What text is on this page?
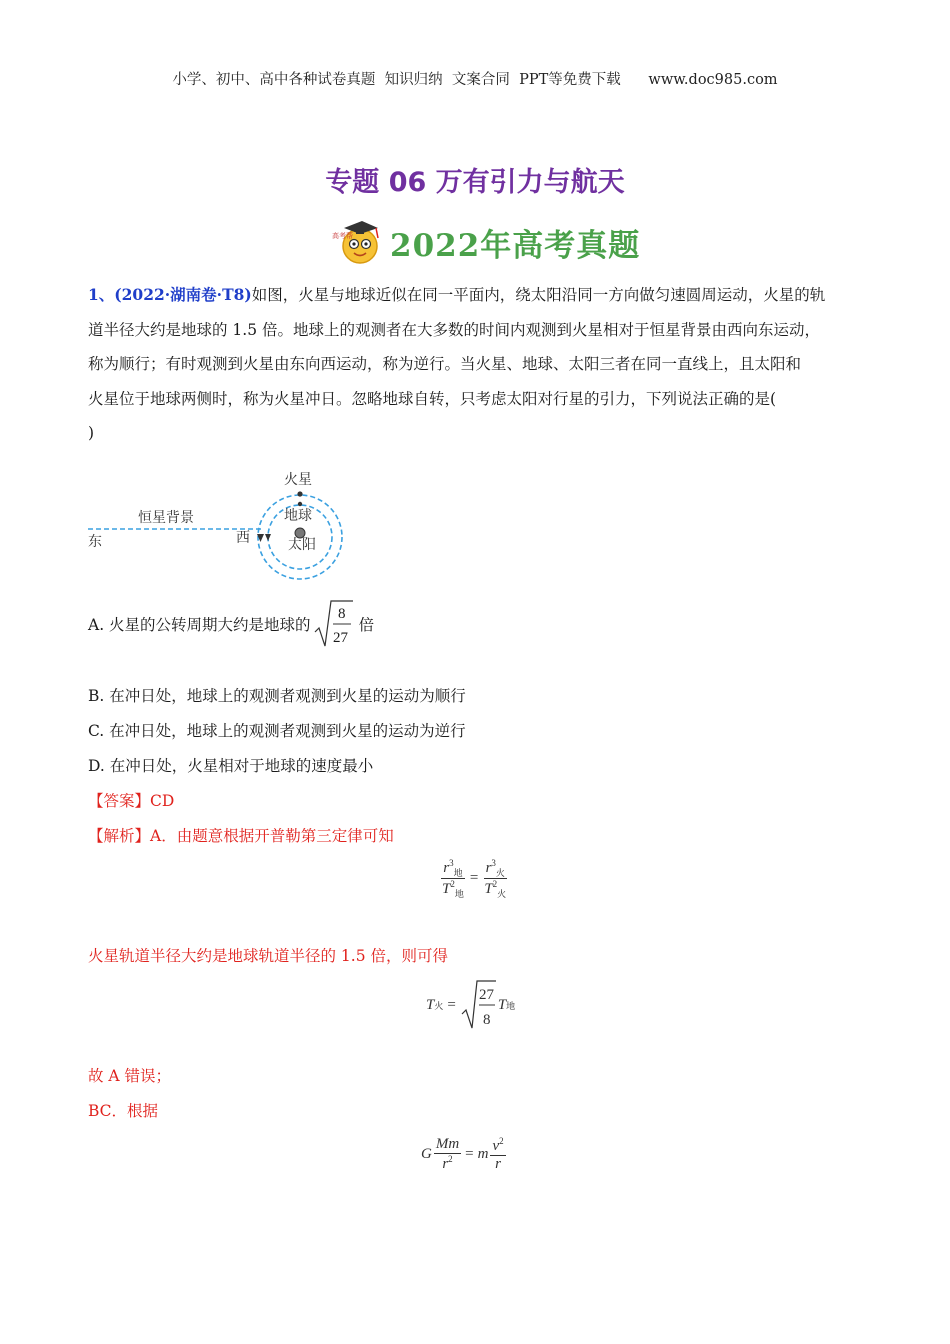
小学、初中、高中各种试卷真题  知识归纳  文案合同  PPT等免费下载      www.doc985.com
专题 06 万有引力与航天
高考帮 2022年高考真题
1、(2022·湖南卷·T8)如图，火星与地球近似在同一平面内，绕太阳沿同一方向做匀速圆周运动，火星的轨
道半径大约是地球的 1.5 倍。地球上的观测者在大多数的时间内观测到火星相对于恒星背景由西向东运动，
称为顺行；有时观测到火星由东向西运动，称为逆行。当火星、地球、太阳三者在同一直线上，且太阳和
火星位于地球两侧时，称为火星冲日。忽略地球自转，只考虑太阳对行星的引力，下列说法正确的是(
)
火星
地球
太阳
恒星背景
东	西
A. 火星的公转周期大约是地球的
8
27
倍
B. 在冲日处，地球上的观测者观测到火星的运动为顺行
C. 在冲日处，地球上的观测者观测到火星的运动为逆行
D. 在冲日处，火星相对于地球的速度最小
【答案】CD
【解析】A．由题意根据开普勒第三定律可知
$\frac{r^3_地}{T^2_地} = \frac{r^3_火}{T^2_火}$
火星轨道半径大约是地球轨道半径的 1.5 倍，则可得
T 火 =
27
8
T 地
故 A 错误；
BC．根据
G $\frac{Mm}{r^2} = m \frac{v^2}{r}$
